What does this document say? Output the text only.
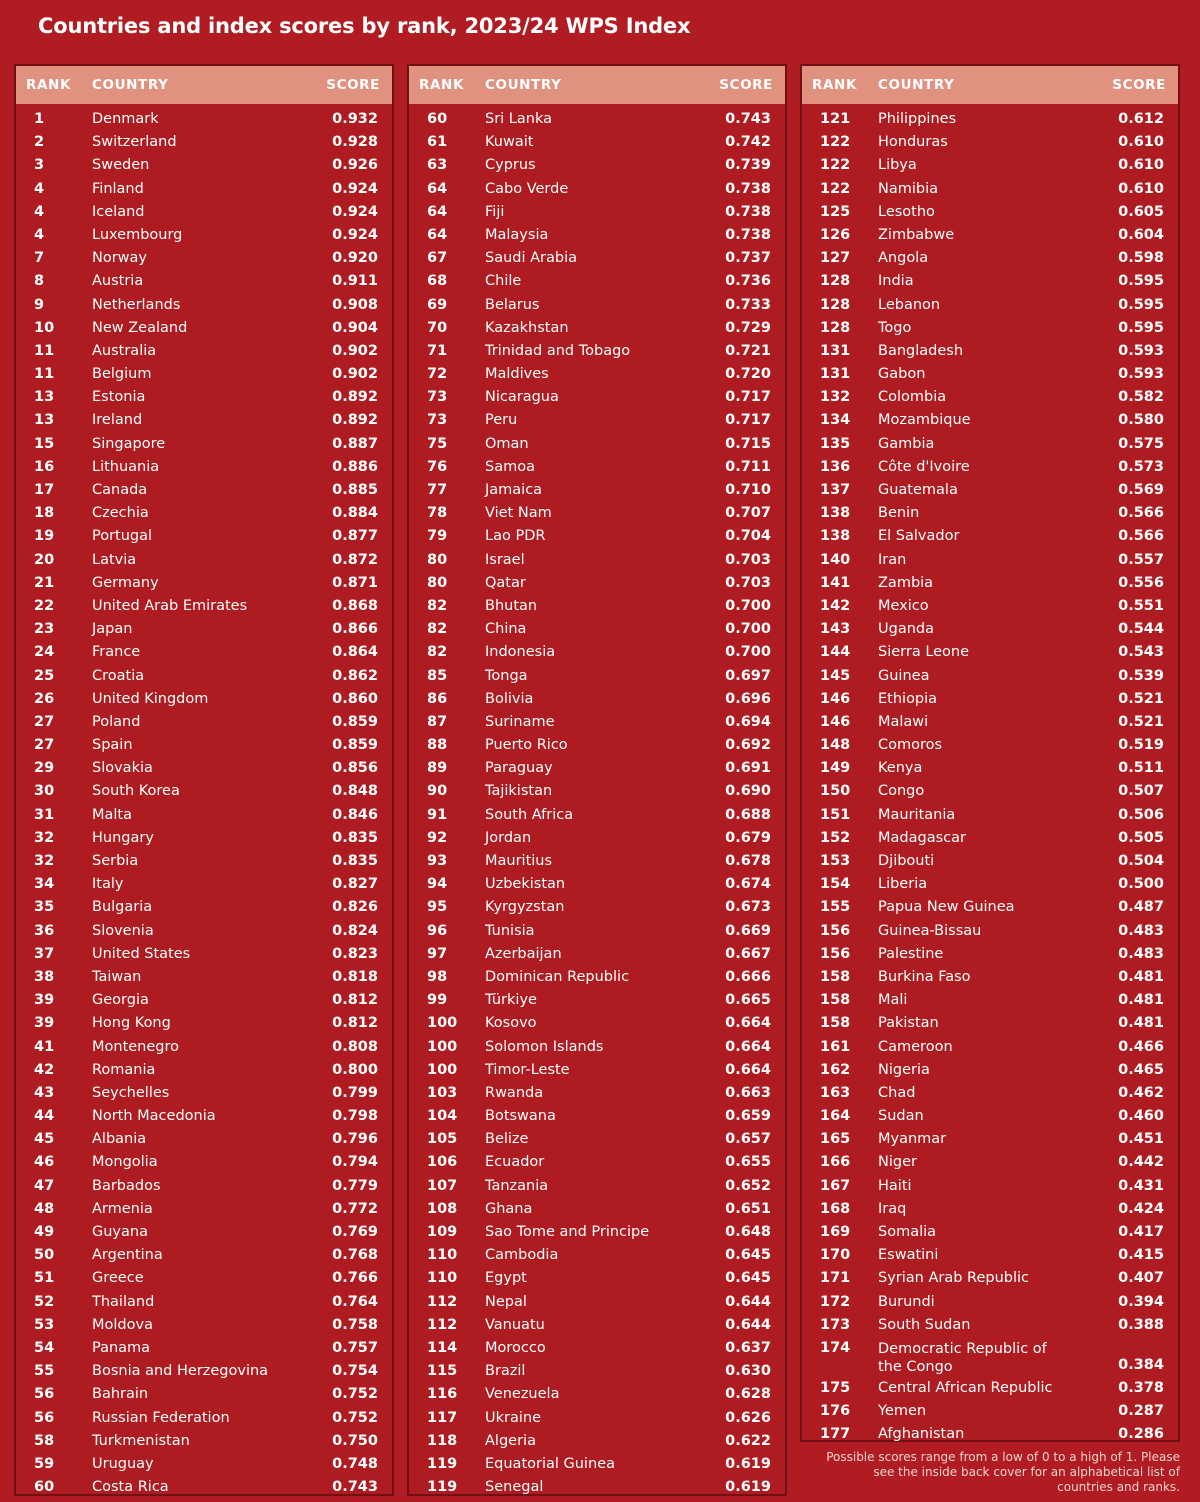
Countries and index scores by rank, 2023/24 WPS Index
RANK COUNTRY	SCORE
1	Denmark	0.932
2	Switzerland	0.928
3	Sweden	0.926
4	Finland	0.924
4	Iceland	0.924
4	Luxembourg	0.924
7	Norway	0.920
8	Austria	0.911
9	Netherlands	0.908
10	New Zealand	0.904
11	Australia	0.902
11	Belgium	0.902
13	Estonia	0.892
13	Ireland	0.892
15	Singapore	0.887
16	Lithuania	0.886
17	Canada	0.885
18	Czechia	0.884
19	Portugal	0.877
20	Latvia	0.872
21	Germany	0.871
22	United Arab Emirates	0.868
23	Japan	0.866
24	France	0.864
25	Croatia	0.862
26	United Kingdom	0.860
27	Poland	0.859
27	Spain	0.859
29	Slovakia	0.856
30	South Korea	0.848
31	Malta	0.846
32	Hungary	0.835
32	Serbia	0.835
34	Italy	0.827
35	Bulgaria	0.826
36	Slovenia	0.824
37	United States	0.823
38	Taiwan	0.818
39	Georgia	0.812
39	Hong Kong	0.812
41	Montenegro	0.808
42	Romania	0.800
43	Seychelles	0.799
44	North Macedonia	0.798
45	Albania	0.796
46	Mongolia	0.794
47	Barbados	0.779
48	Armenia	0.772
49	Guyana	0.769
50	Argentina	0.768
51	Greece	0.766
52	Thailand	0.764
53	Moldova	0.758
54	Panama	0.757
55	Bosnia and Herzegovina	0.754
56	Bahrain	0.752
56	Russian Federation	0.752
58	Turkmenistan	0.750
59	Uruguay	0.748
60	Costa Rica	0.743
RANK COUNTRY	SCORE
60	Sri Lanka	0.743
61	Kuwait	0.742
63	Cyprus	0.739
64	Cabo Verde	0.738
64	Fiji	0.738
64	Malaysia	0.738
67	Saudi Arabia	0.737
68	Chile	0.736
69	Belarus	0.733
70	Kazakhstan	0.729
71	Trinidad and Tobago	0.721
72	Maldives	0.720
73	Nicaragua	0.717
73	Peru	0.717
75	Oman	0.715
76	Samoa	0.711
77	Jamaica	0.710
78	Viet Nam	0.707
79	Lao PDR	0.704
80	Israel	0.703
80	Qatar	0.703
82	Bhutan	0.700
82	China	0.700
82	Indonesia	0.700
85	Tonga	0.697
86	Bolivia	0.696
87	Suriname	0.694
88	Puerto Rico	0.692
89	Paraguay	0.691
90	Tajikistan	0.690
91	South Africa	0.688
92	Jordan	0.679
93	Mauritius	0.678
94	Uzbekistan	0.674
95	Kyrgyzstan	0.673
96	Tunisia	0.669
97	Azerbaijan	0.667
98	Dominican Republic	0.666
99	Türkiye	0.665
100 Kosovo	0.664
100 Solomon Islands	0.664
100 Timor-Leste	0.664
103 Rwanda	0.663
104 Botswana	0.659
105 Belize	0.657
106 Ecuador	0.655
107 Tanzania	0.652
108 Ghana	0.651
109 Sao Tome and Principe	0.648
110 Cambodia	0.645
110 Egypt	0.645
112 Nepal	0.644
112 Vanuatu	0.644
114 Morocco	0.637
115 Brazil	0.630
116 Venezuela	0.628
117 Ukraine	0.626
118 Algeria	0.622
119 Equatorial Guinea	0.619
119 Senegal	0.619
RANK COUNTRY	SCORE
121 Philippines	0.612
122 Honduras	0.610
122 Libya	0.610
122 Namibia	0.610
125 Lesotho	0.605
126 Zimbabwe	0.604
127 Angola	0.598
128 India	0.595
128 Lebanon	0.595
128 Togo	0.595
131 Bangladesh	0.593
131 Gabon	0.593
132 Colombia	0.582
134 Mozambique	0.580
135 Gambia	0.575
136 Côte d'Ivoire	0.573
137 Guatemala	0.569
138 Benin	0.566
138 El Salvador	0.566
140 Iran	0.557
141 Zambia	0.556
142 Mexico	0.551
143 Uganda	0.544
144 Sierra Leone	0.543
145 Guinea	0.539
146 Ethiopia	0.521
146 Malawi	0.521
148 Comoros	0.519
149 Kenya	0.511
150 Congo	0.507
151 Mauritania	0.506
152 Madagascar	0.505
153 Djibouti	0.504
154 Liberia	0.500
155 Papua New Guinea	0.487
156 Guinea-Bissau	0.483
156 Palestine	0.483
158 Burkina Faso	0.481
158 Mali	0.481
158 Pakistan	0.481
161 Cameroon	0.466
162 Nigeria	0.465
163 Chad	0.462
164 Sudan	0.460
165 Myanmar	0.451
166 Niger	0.442
167 Haiti	0.431
168 Iraq	0.424
169 Somalia	0.417
170 Eswatini	0.415
171 Syrian Arab Republic	0.407
172 Burundi	0.394
173 South Sudan	0.388
174 Democratic Republic of
the Congo	0.384
175 Central African Republic	0.378
176 Yemen	0.287
177 Afghanistan	0.286
Possible scores range from a low of 0 to a high of 1. Please see the inside back cover for an alphabetical list of countries and ranks.
